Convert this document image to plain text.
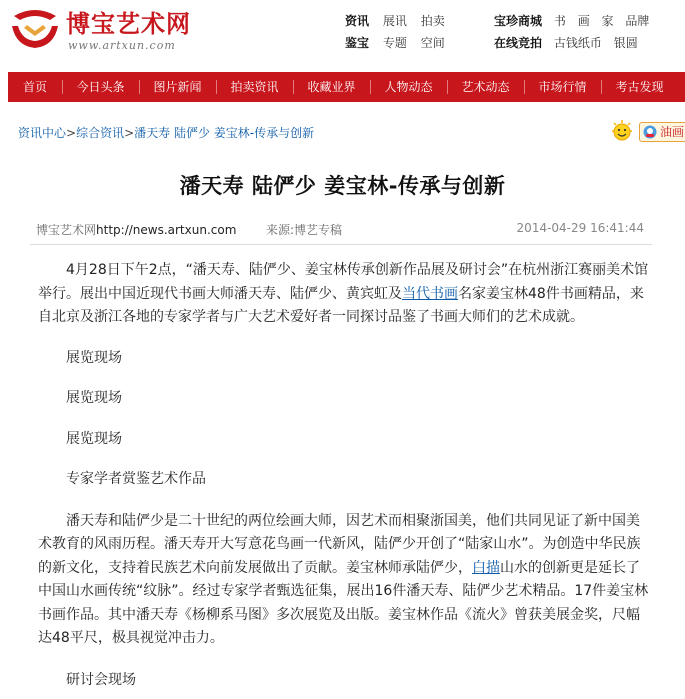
博宝艺术网
www.artxun.com
资讯 展讯 拍卖
鉴宝 专题 空间
宝珍商城 书 画 家 品牌
在线竞拍 古钱纸币 银圆
首页	今日头条	图片新闻	拍卖资讯	收藏业界	人物动态	艺术动态	市场行情	考古发现
资讯中心>综合资讯>潘天寿 陆俨少 姜宝林-传承与创新	油画
潘天寿 陆俨少 姜宝林-传承与创新
博宝艺术网http://news.artxun.com 来源:博艺专稿	2014-04-29 16:41:44

4月28日下午2点，“潘天寿、陆俨少、姜宝林传承创新作品展及研讨会”在杭州浙江赛丽美术馆举行。展出中国近现代书画大师潘天寿、陆俨少、黄宾虹及当代书画名家姜宝林48件书画精品，来自北京及浙江各地的专家学者与广大艺术爱好者一同探讨品鉴了书画大师们的艺术成就。

展览现场

展览现场

展览现场

专家学者赏鉴艺术作品

潘天寿和陆俨少是二十世纪的两位绘画大师，因艺术而相聚浙国美，他们共同见证了新中国美术教育的风雨历程。潘天寿开大写意花鸟画一代新风，陆俨少开创了“陆家山水”。为创造中华民族的新文化，支持着民族艺术向前发展做出了贡献。姜宝林师承陆俨少，白描山水的创新更是延长了中国山水画传统“纹脉”。经过专家学者甄选征集，展出16件潘天寿、陆俨少艺术精品。17件姜宝林书画作品。其中潘天寿《杨柳系马图》多次展览及出版。姜宝林作品《流火》曾获美展金奖，尺幅达48平尺，极具视觉冲击力。

研讨会现场
